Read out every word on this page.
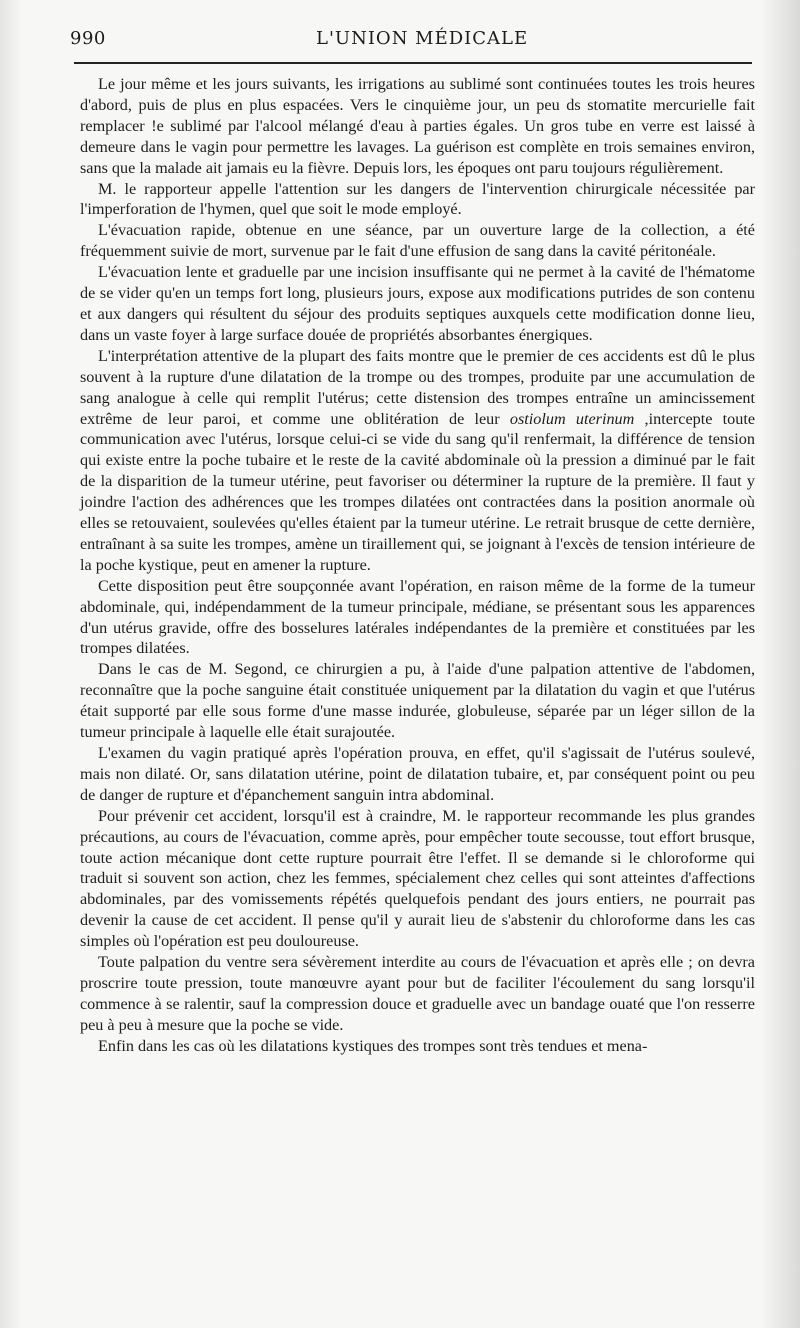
990	L'UNION MÉDICALE

Le jour même et les jours suivants, les irrigations au sublimé sont continuées toutes les trois heures d'abord, puis de plus en plus espacées. Vers le cinquième jour, un peu ds stomatite mercurielle fait remplacer !e sublimé par l'alcool mélangé d'eau à parties égales. Un gros tube en verre est laissé à demeure dans le vagin pour permettre les lavages. La guérison est complète en trois semaines environ, sans que la malade ait jamais eu la fièvre. Depuis lors, les époques ont paru toujours régulièrement.

M. le rapporteur appelle l'attention sur les dangers de l'intervention chirurgicale nécessitée par l'imperforation de l'hymen, quel que soit le mode employé.

L'évacuation rapide, obtenue en une séance, par un ouverture large de la collection, a été fréquemment suivie de mort, survenue par le fait d'une effusion de sang dans la cavité péritonéale.

L'évacuation lente et graduelle par une incision insuffisante qui ne permet à la cavité de l'hématome de se vider qu'en un temps fort long, plusieurs jours, expose aux modifications putrides de son contenu et aux dangers qui résultent du séjour des produits septiques auxquels cette modification donne lieu, dans un vaste foyer à large surface douée de propriétés absorbantes énergiques.

L'interprétation attentive de la plupart des faits montre que le premier de ces accidents est dû le plus souvent à la rupture d'une dilatation de la trompe ou des trompes, produite par une accumulation de sang analogue à celle qui remplit l'utérus; cette distension des trompes entraîne un amincissement extrême de leur paroi, et comme une oblitération de leur ostiolum uterinum ,intercepte toute communication avec l'utérus, lorsque celui-ci se vide du sang qu'il renfermait, la différence de tension qui existe entre la poche tubaire et le reste de la cavité abdominale où la pression a diminué par le fait de la disparition de la tumeur utérine, peut favoriser ou déterminer la rupture de la première. Il faut y joindre l'action des adhérences que les trompes dilatées ont contractées dans la position anormale où elles se retouvaient, soulevées qu'elles étaient par la tumeur utérine. Le retrait brusque de cette dernière, entraînant à sa suite les trompes, amène un tiraillement qui, se joignant à l'excès de tension intérieure de la poche kystique, peut en amener la rupture.

Cette disposition peut être soupçonnée avant l'opération, en raison même de la forme de la tumeur abdominale, qui, indépendamment de la tumeur principale, médiane, se présentant sous les apparences d'un utérus gravide, offre des bosselures latérales indépendantes de la première et constituées par les trompes dilatées.

Dans le cas de M. Segond, ce chirurgien a pu, à l'aide d'une palpation attentive de l'abdomen, reconnaître que la poche sanguine était constituée uniquement par la dilatation du vagin et que l'utérus était supporté par elle sous forme d'une masse indurée, globuleuse, séparée par un léger sillon de la tumeur principale à laquelle elle était surajoutée.

L'examen du vagin pratiqué après l'opération prouva, en effet, qu'il s'agissait de l'utérus soulevé, mais non dilaté. Or, sans dilatation utérine, point de dilatation tubaire, et, par conséquent point ou peu de danger de rupture et d'épanchement sanguin intra abdominal.

Pour prévenir cet accident, lorsqu'il est à craindre, M. le rapporteur recommande les plus grandes précautions, au cours de l'évacuation, comme après, pour empêcher toute secousse, tout effort brusque, toute action mécanique dont cette rupture pourrait être l'effet. Il se demande si le chloroforme qui traduit si souvent son action, chez les femmes, spécialement chez celles qui sont atteintes d'affections abdominales, par des vomissements répétés quelquefois pendant des jours entiers, ne pourrait pas devenir la cause de cet accident. Il pense qu'il y aurait lieu de s'abstenir du chloroforme dans les cas simples où l'opération est peu douloureuse.

Toute palpation du ventre sera sévèrement interdite au cours de l'évacuation et après elle ; on devra proscrire toute pression, toute manœuvre ayant pour but de faciliter l'écoulement du sang lorsqu'il commence à se ralentir, sauf la compression douce et graduelle avec un bandage ouaté que l'on resserre peu à peu à mesure que la poche se vide.

Enfin dans les cas où les dilatations kystiques des trompes sont très tendues et mena-
